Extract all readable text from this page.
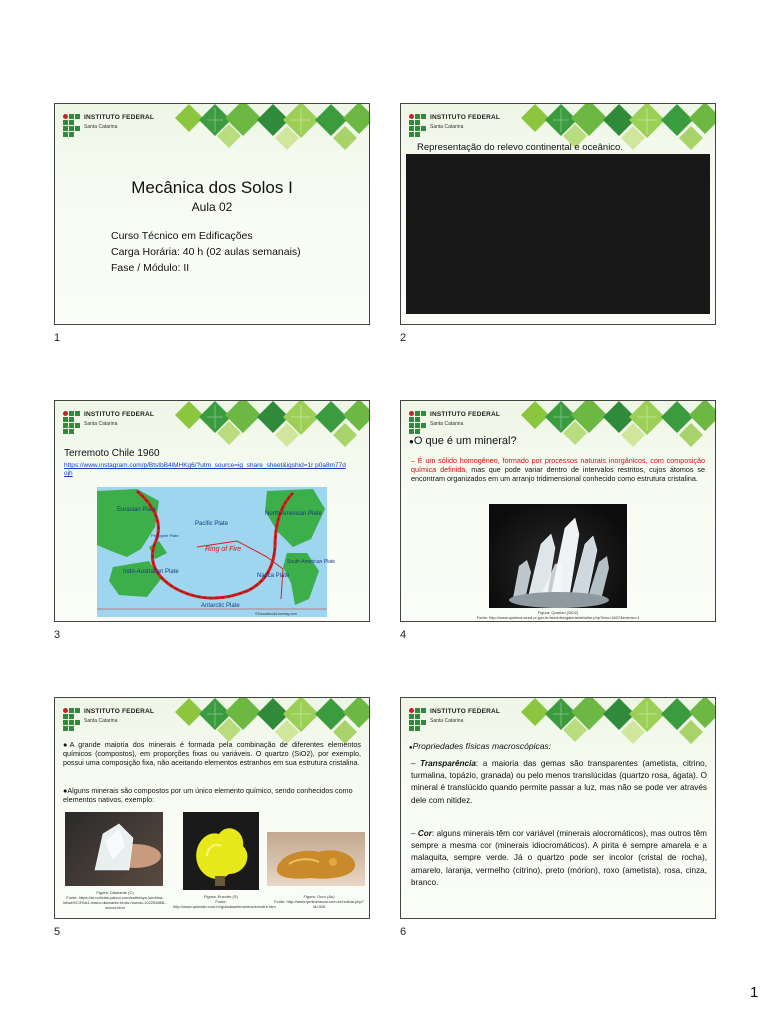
INSTITUTO FEDERAL
Santa Catarina
Mecânica dos Solos I
Aula 02
Curso Técnico em Edificações
Carga Horária: 40 h (02 aulas semanais)
Fase / Módulo: II
1
INSTITUTO FEDERAL
Santa Catarina
Representação do relevo continental e oceânico.
2
INSTITUTO FEDERAL
Santa Catarina
Terremoto Chile 1960
https://www.instagram.com/p/BtsIbB4lMHKg6/?utm_source=ig_share_sheet&igshid=1r p0a8m77dojh
Eurasian Plate
Pacific Plate
North American Plate
Philippine Plate
Ring of Fire
Indo-Australian Plate
Nazca Plate
South American Plate
Antarctic Plate
©EducationalLearning.com
3
INSTITUTO FEDERAL
Santa Catarina
●O que é um mineral?
– É um sólido homogêneo, formado por processos naturais inorgânicos, com composição química definida, mas que pode variar dentro de intervalos restritos, cujos átomos se encontram organizados em um arranjo tridimensional conhecido como estrutura cristalina.
Figura: Quartzo (SiO2)
Fonte: http://www.quimica.seed.pr.gov.br/modules/galeria/detalhe.php?foto=1607&evento=4
4
INSTITUTO FEDERAL
Santa Catarina
●A grande maioria dos minerais é formada pela combinação de diferentes elementos químicos (compostos), em proporções fixas ou variáveis. O quartzo (SiO2), por exemplo, possui uma composição fixa, não aceitando elementos estranhos em sua estrutura cristalina.
●Alguns minerais são compostos por um único elemento químico, sendo conhecidos como elementos nativos, exemplo:
Figura: Diamante (C)
Fonte: https://br.noticias.yahoo.com/sothebys-londrina-leiloa%C3%A1-maior-diamante-bruto-mundo-102253868--sector.html
Figura: Enxofre (S)
Fonte: http://www.quimlab.com.br/guiadoselementos/enxofre.htm
Figura: Ouro (Au)
Fonte: http://www.ipmineracao.com.br/noticia.php?id=305
5
INSTITUTO FEDERAL
Santa Catarina
●Propriedades físicas macroscópicas:
– Transparência: a maioria das gemas são transparentes (ametista, citrino, turmalina, topázio, granada) ou pelo menos translúcidas (quartzo rosa, ágata). O mineral é translúcido quando permite passar a luz, mas não se pode ver através dele com nitidez.
– Cor: alguns minerais têm cor variável (minerais alocromáticos), mas outros têm sempre a mesma cor (minerais idiocromáticos). A pirita é sempre amarela e a malaquita, sempre verde. Já o quartzo pode ser incolor (cristal de rocha), amarelo, laranja, vermelho (citrino), preto (mórion), roxo (ametista), rosa, cinza, branco.
6
1
